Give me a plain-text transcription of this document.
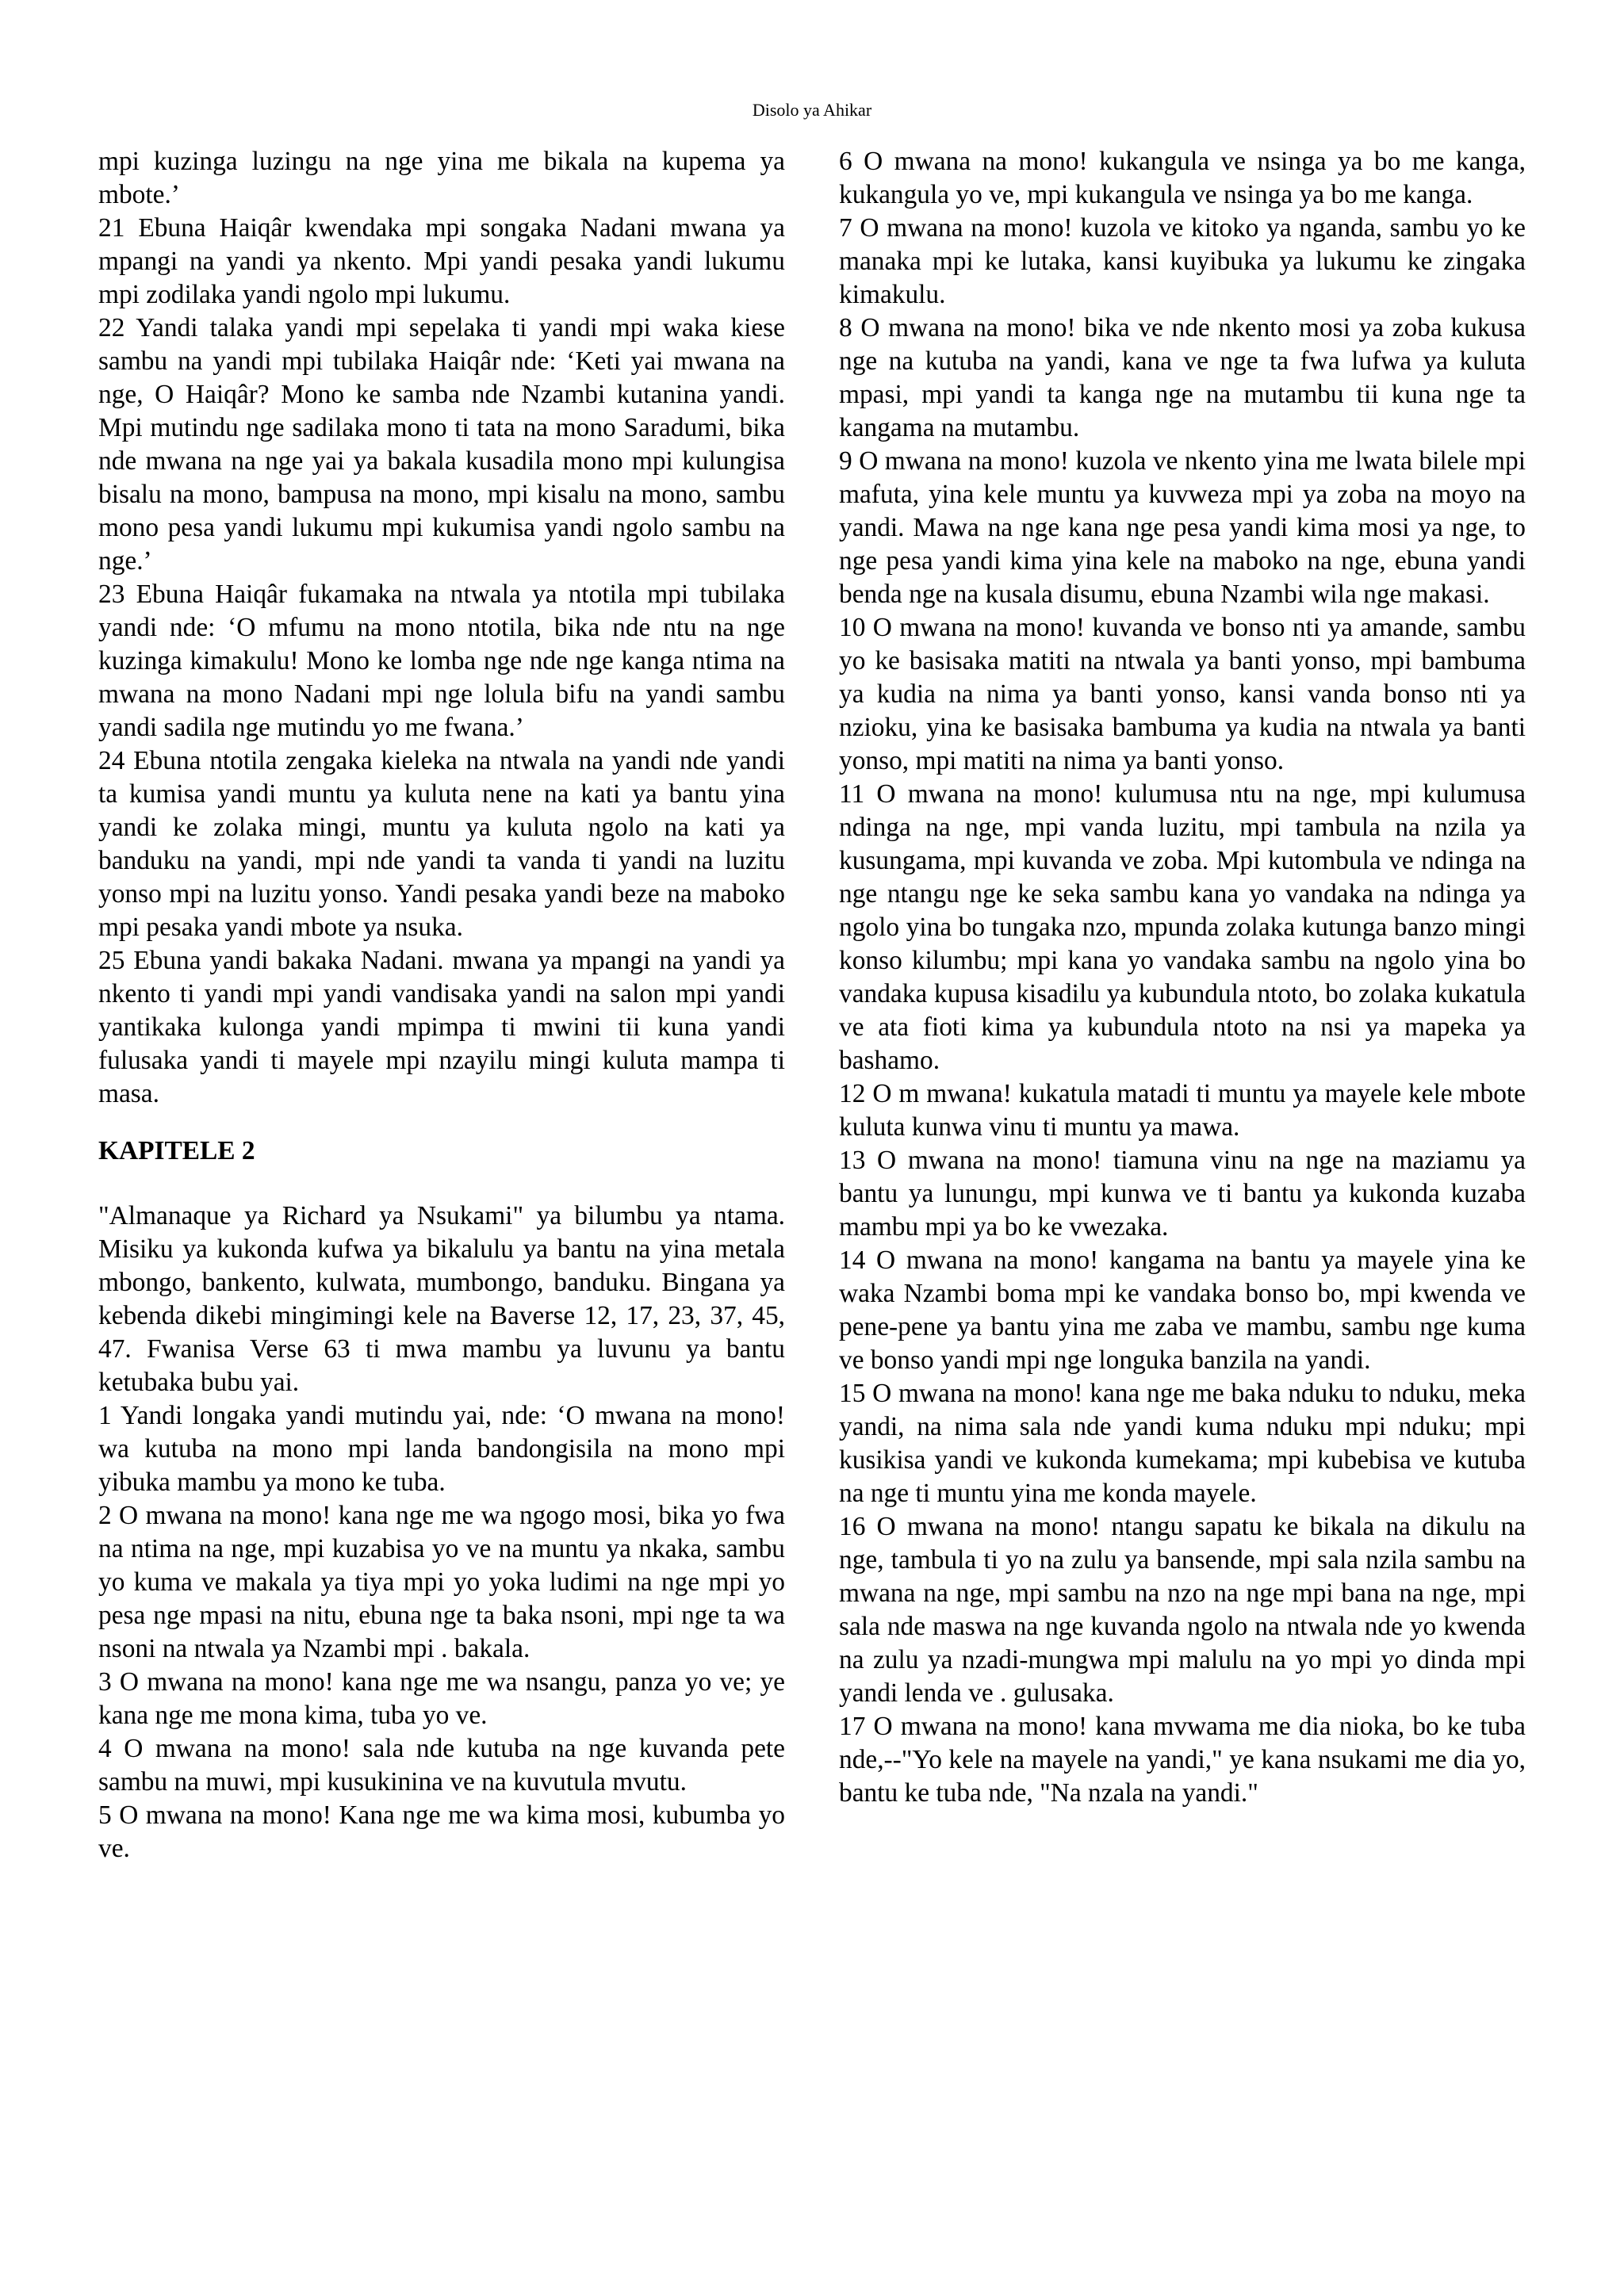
Disolo ya Ahikar

mpi kuzinga luzingu na nge yina me bikala na kupema ya mbote.’

21 Ebuna Haiqâr kwendaka mpi songaka Nadani mwana ya mpangi na yandi ya nkento. Mpi yandi pesaka yandi lukumu mpi zodilaka yandi ngolo mpi lukumu.

22 Yandi talaka yandi mpi sepelaka ti yandi mpi waka kiese sambu na yandi mpi tubilaka Haiqâr nde: ‘Keti yai mwana na nge, O Haiqâr? Mono ke samba nde Nzambi kutanina yandi. Mpi mutindu nge sadilaka mono ti tata na mono Saradumi, bika nde mwana na nge yai ya bakala kusadila mono mpi kulungisa bisalu na mono, bampusa na mono, mpi kisalu na mono, sambu mono pesa yandi lukumu mpi kukumisa yandi ngolo sambu na nge.’

23 Ebuna Haiqâr fukamaka na ntwala ya ntotila mpi tubilaka yandi nde: ‘O mfumu na mono ntotila, bika nde ntu na nge kuzinga kimakulu! Mono ke lomba nge nde nge kanga ntima na mwana na mono Nadani mpi nge lolula bifu na yandi sambu yandi sadila nge mutindu yo me fwana.’

24 Ebuna ntotila zengaka kieleka na ntwala na yandi nde yandi ta kumisa yandi muntu ya kuluta nene na kati ya bantu yina yandi ke zolaka mingi, muntu ya kuluta ngolo na kati ya banduku na yandi, mpi nde yandi ta vanda ti yandi na luzitu yonso mpi na luzitu yonso. Yandi pesaka yandi beze na maboko mpi pesaka yandi mbote ya nsuka.

25 Ebuna yandi bakaka Nadani. mwana ya mpangi na yandi ya nkento ti yandi mpi yandi vandisaka yandi na salon mpi yandi yantikaka kulonga yandi mpimpa ti mwini tii kuna yandi fulusaka yandi ti mayele mpi nzayilu mingi kuluta mampa ti masa.

KAPITELE 2

"Almanaque ya Richard ya Nsukami" ya bilumbu ya ntama. Misiku ya kukonda kufwa ya bikalulu ya bantu na yina metala mbongo, bankento, kulwata, mumbongo, banduku. Bingana ya kebenda dikebi mingimingi kele na Baverse 12, 17, 23, 37, 45, 47. Fwanisa Verse 63 ti mwa mambu ya luvunu ya bantu ketubaka bubu yai.

1 Yandi longaka yandi mutindu yai, nde: ‘O mwana na mono! wa kutuba na mono mpi landa bandongisila na mono mpi yibuka mambu ya mono ke tuba.

2 O mwana na mono! kana nge me wa ngogo mosi, bika yo fwa na ntima na nge, mpi kuzabisa yo ve na muntu ya nkaka, sambu yo kuma ve makala ya tiya mpi yo yoka ludimi na nge mpi yo pesa nge mpasi na nitu, ebuna nge ta baka nsoni, mpi nge ta wa nsoni na ntwala ya Nzambi mpi . bakala.

3 O mwana na mono! kana nge me wa nsangu, panza yo ve; ye kana nge me mona kima, tuba yo ve.

4 O mwana na mono! sala nde kutuba na nge kuvanda pete sambu na muwi, mpi kusukinina ve na kuvutula mvutu.

5 O mwana na mono! Kana nge me wa kima mosi, kubumba yo ve.

6 O mwana na mono! kukangula ve nsinga ya bo me kanga, kukangula yo ve, mpi kukangula ve nsinga ya bo me kanga.

7 O mwana na mono! kuzola ve kitoko ya nganda, sambu yo ke manaka mpi ke lutaka, kansi kuyibuka ya lukumu ke zingaka kimakulu.

8 O mwana na mono! bika ve nde nkento mosi ya zoba kukusa nge na kutuba na yandi, kana ve nge ta fwa lufwa ya kuluta mpasi, mpi yandi ta kanga nge na mutambu tii kuna nge ta kangama na mutambu.

9 O mwana na mono! kuzola ve nkento yina me lwata bilele mpi mafuta, yina kele muntu ya kuvweza mpi ya zoba na moyo na yandi. Mawa na nge kana nge pesa yandi kima mosi ya nge, to nge pesa yandi kima yina kele na maboko na nge, ebuna yandi benda nge na kusala disumu, ebuna Nzambi wila nge makasi.

10 O mwana na mono! kuvanda ve bonso nti ya amande, sambu yo ke basisaka matiti na ntwala ya banti yonso, mpi bambuma ya kudia na nima ya banti yonso, kansi vanda bonso nti ya nzioku, yina ke basisaka bambuma ya kudia na ntwala ya banti yonso, mpi matiti na nima ya banti yonso.

11 O mwana na mono! kulumusa ntu na nge, mpi kulumusa ndinga na nge, mpi vanda luzitu, mpi tambula na nzila ya kusungama, mpi kuvanda ve zoba. Mpi kutombula ve ndinga na nge ntangu nge ke seka sambu kana yo vandaka na ndinga ya ngolo yina bo tungaka nzo, mpunda zolaka kutunga banzo mingi konso kilumbu; mpi kana yo vandaka sambu na ngolo yina bo vandaka kupusa kisadilu ya kubundula ntoto, bo zolaka kukatula ve ata fioti kima ya kubundula ntoto na nsi ya mapeka ya bashamo.

12 O m mwana! kukatula matadi ti muntu ya mayele kele mbote kuluta kunwa vinu ti muntu ya mawa.

13 O mwana na mono! tiamuna vinu na nge na maziamu ya bantu ya lunungu, mpi kunwa ve ti bantu ya kukonda kuzaba mambu mpi ya bo ke vwezaka.

14 O mwana na mono! kangama na bantu ya mayele yina ke waka Nzambi boma mpi ke vandaka bonso bo, mpi kwenda ve pene-pene ya bantu yina me zaba ve mambu, sambu nge kuma ve bonso yandi mpi nge longuka banzila na yandi.

15 O mwana na mono! kana nge me baka nduku to nduku, meka yandi, na nima sala nde yandi kuma nduku mpi nduku; mpi kusikisa yandi ve kukonda kumekama; mpi kubebisa ve kutuba na nge ti muntu yina me konda mayele.

16 O mwana na mono! ntangu sapatu ke bikala na dikulu na nge, tambula ti yo na zulu ya bansende, mpi sala nzila sambu na mwana na nge, mpi sambu na nzo na nge mpi bana na nge, mpi sala nde maswa na nge kuvanda ngolo na ntwala nde yo kwenda na zulu ya nzadi-mungwa mpi malulu na yo mpi yo dinda mpi yandi lenda ve . gulusaka.

17 O mwana na mono! kana mvwama me dia nioka, bo ke tuba nde,--"Yo kele na mayele na yandi," ye kana nsukami me dia yo, bantu ke tuba nde, "Na nzala na yandi."
